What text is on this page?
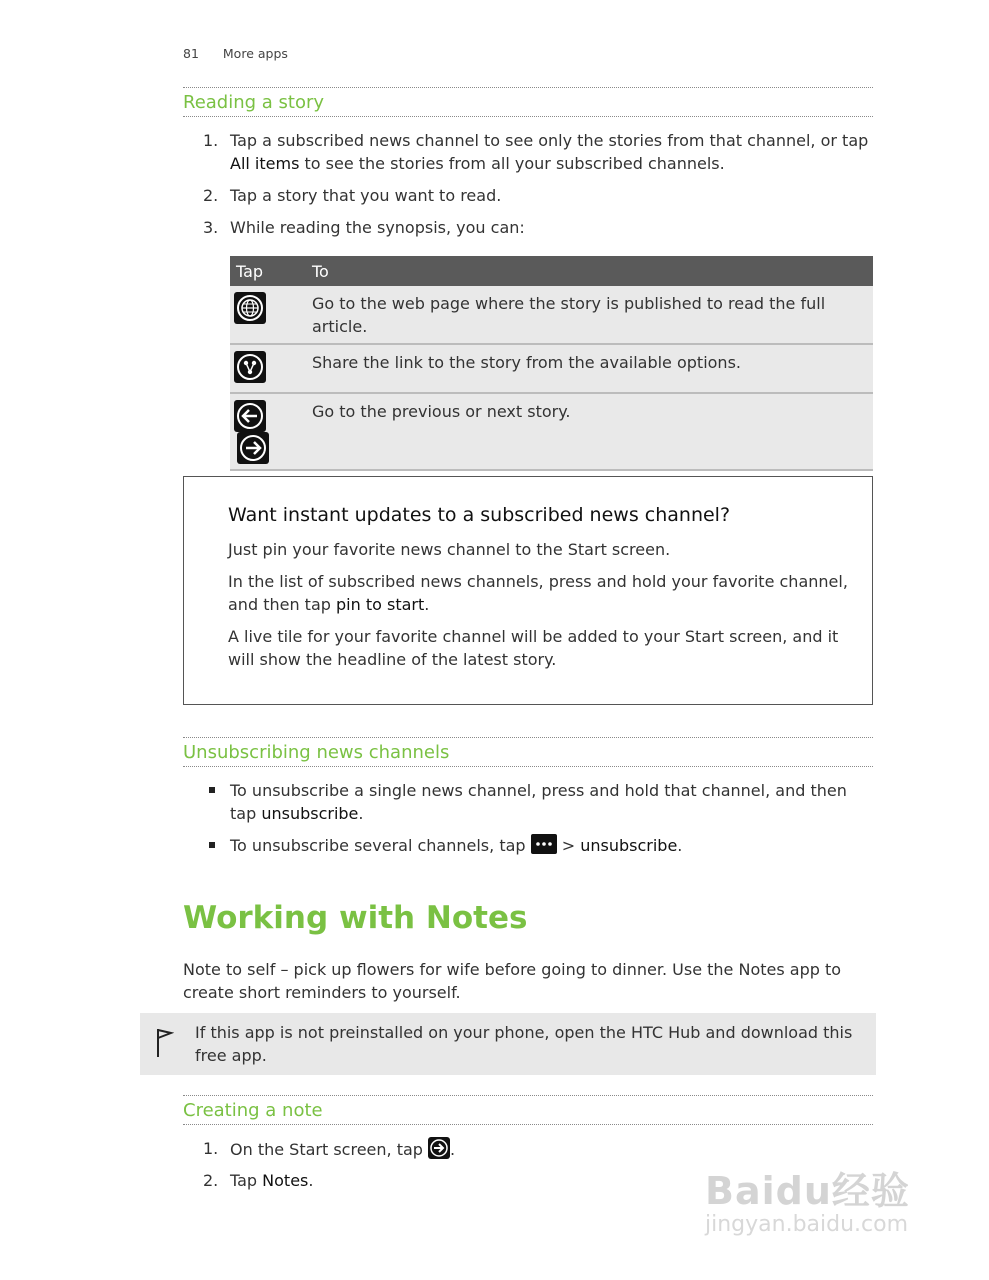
81 More apps
Reading a story
1. Tap a subscribed news channel to see only the stories from that channel, or tap All items to see the stories from all your subscribed channels.
2. Tap a story that you want to read.
3. While reading the synopsis, you can:
Tap	To

	Go to the web page where the story is published to read the full article.

	Share the link to the story from the available options.

	Go to the previous or next story.
Want instant updates to a subscribed news channel?
Just pin your favorite news channel to the Start screen.
In the list of subscribed news channels, press and hold your favorite channel, and then tap pin to start.
A live tile for your favorite channel will be added to your Start screen, and it will show the headline of the latest story.
Unsubscribing news channels
To unsubscribe a single news channel, press and hold that channel, and then tap unsubscribe.
To unsubscribe several channels, tap  > unsubscribe.
Working with Notes
Note to self – pick up flowers for wife before going to dinner. Use the Notes app to create short reminders to yourself.
If this app is not preinstalled on your phone, open the HTC Hub and download this free app.
Creating a note
1. On the Start screen, tap .
2. Tap Notes.	Baidu经验
jingyan.baidu.com
